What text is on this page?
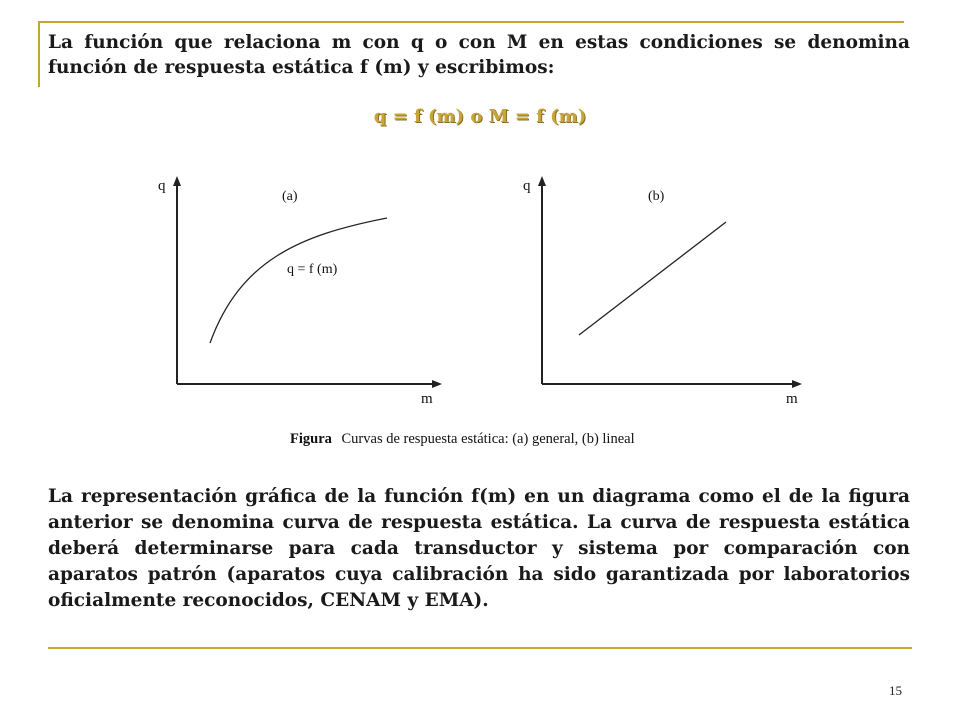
La función que relaciona m con q o con M en estas condiciones se denomina función de respuesta estática f (m) y escribimos:

q = f (m) o M = f (m)

q
m
(a)
q = f (m)
q
m
(b)
Figura Curvas de respuesta estática: (a) general, (b) lineal

La representación gráfica de la función f(m) en un diagrama como el de la figura anterior se denomina curva de respuesta estática. La curva de respuesta estática deberá determinarse para cada transductor y sistema por comparación con aparatos patrón (aparatos cuya calibración ha sido garantizada por laboratorios oficialmente reconocidos, CENAM y EMA).

15
